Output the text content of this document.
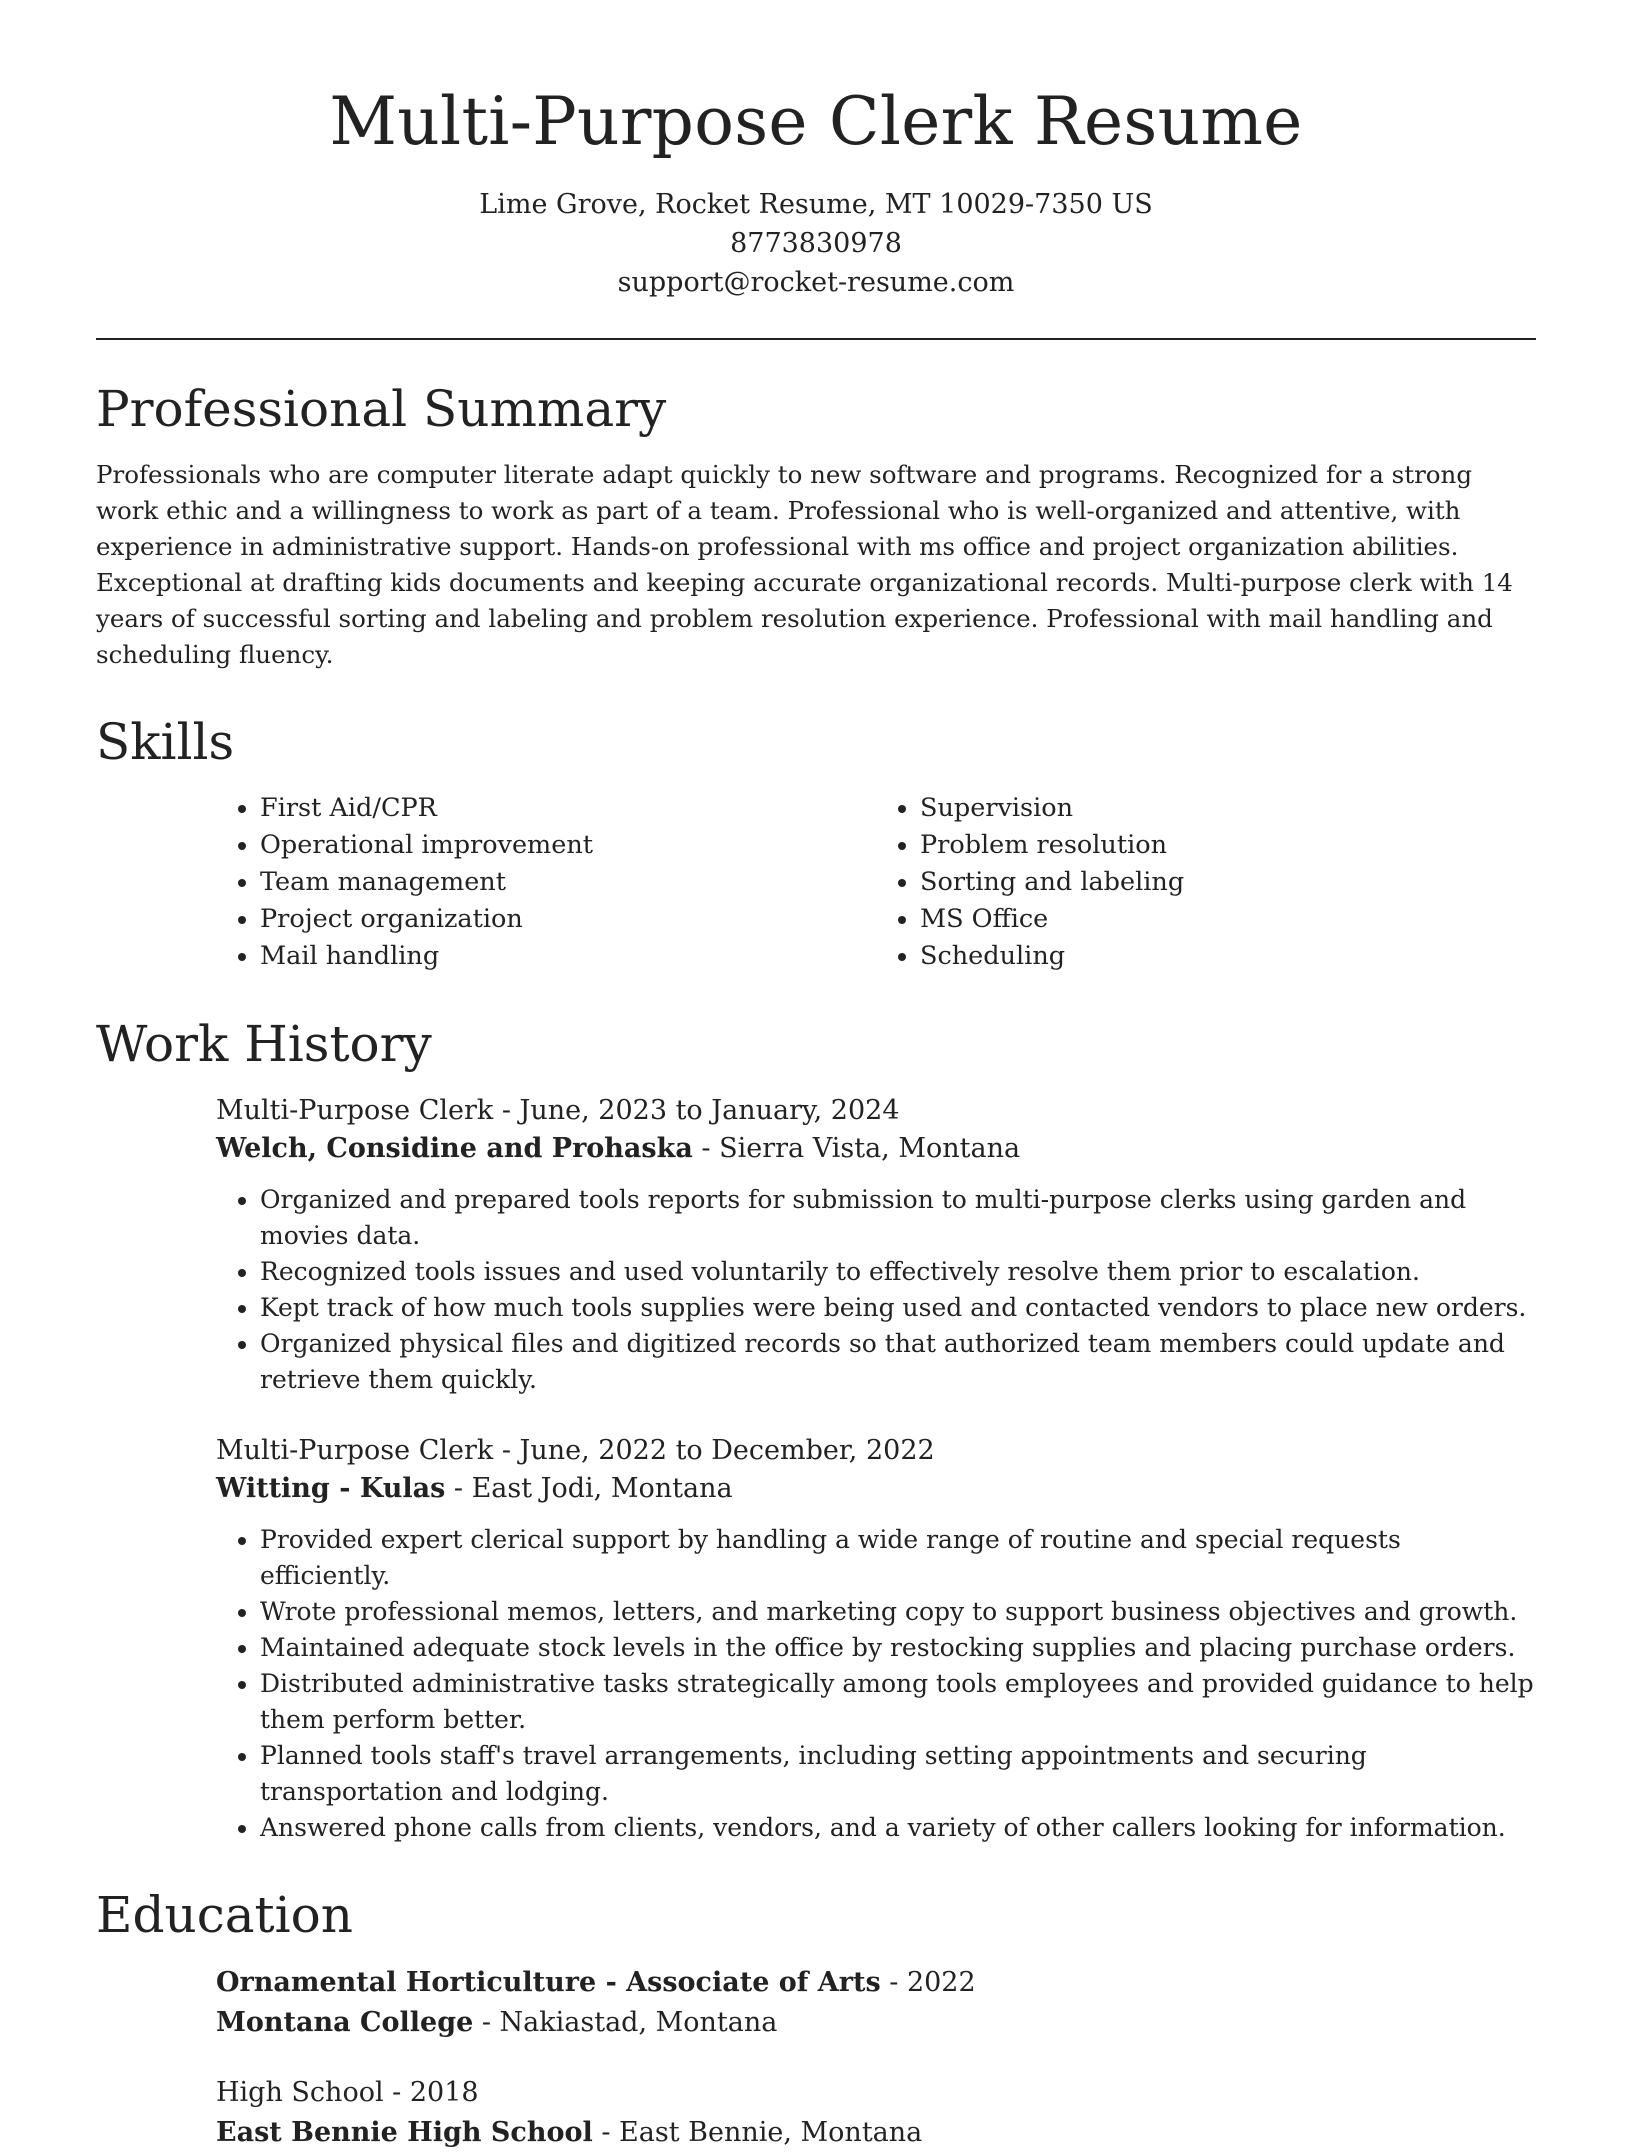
Multi-Purpose Clerk Resume
Lime Grove, Rocket Resume, MT 10029-7350 US
8773830978
support@rocket-resume.com
Professional Summary

Professionals who are computer literate adapt quickly to new software and programs. Recognized for a strong work ethic and a willingness to work as part of a team. Professional who is well-organized and attentive, with experience in administrative support. Hands-on professional with ms office and project organization abilities. Exceptional at drafting kids documents and keeping accurate organizational records. Multi-purpose clerk with 14 years of successful sorting and labeling and problem resolution experience. Professional with mail handling and scheduling fluency.

Skills
• First Aid/CPR
• Operational improvement
• Team management
• Project organization
• Mail handling
• Supervision
• Problem resolution
• Sorting and labeling
• MS Office
• Scheduling
Work History
Multi-Purpose Clerk - June, 2023 to January, 2024
Welch, Considine and Prohaska - Sierra Vista, Montana
• Organized and prepared tools reports for submission to multi-purpose clerks using garden and movies data.
• Recognized tools issues and used voluntarily to effectively resolve them prior to escalation.
• Kept track of how much tools supplies were being used and contacted vendors to place new orders.
• Organized physical files and digitized records so that authorized team members could update and retrieve them quickly.
Multi-Purpose Clerk - June, 2022 to December, 2022
Witting - Kulas - East Jodi, Montana
• Provided expert clerical support by handling a wide range of routine and special requests efficiently.
• Wrote professional memos, letters, and marketing copy to support business objectives and growth.
• Maintained adequate stock levels in the office by restocking supplies and placing purchase orders.
• Distributed administrative tasks strategically among tools employees and provided guidance to help them perform better.
• Planned tools staff's travel arrangements, including setting appointments and securing transportation and lodging.
• Answered phone calls from clients, vendors, and a variety of other callers looking for information.
Education
Ornamental Horticulture - Associate of Arts - 2022
Montana College - Nakiastad, Montana
High School - 2018
East Bennie High School - East Bennie, Montana
